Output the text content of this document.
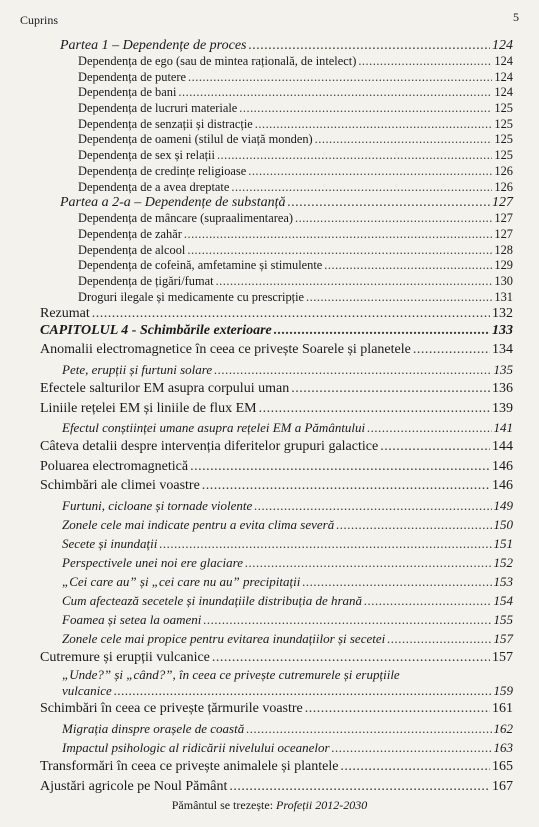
Cuprins	5
Partea 1 – Dependențe de proces .....	124
Dependența de ego (sau de mintea rațională, de intelect) .....	124
Dependența de putere .....	124
Dependența de bani .....	124
Dependența de lucruri materiale .....	125
Dependența de senzații și distracție .....	125
Dependența de oameni (stilul de viață monden) .....	125
Dependența de sex și relații .....	125
Dependența de credințe religioase .....	126
Dependența de a avea dreptate .....	126
Partea a 2-a – Dependențe de substanță .....	127
Dependența de mâncare (supraalimentarea) .....	127
Dependența de zahăr .....	127
Dependența de alcool .....	128
Dependența de cofeină, amfetamine și stimulente .....	129
Dependența de țigări/fumat .....	130
Droguri ilegale și medicamente cu prescripție .....	131
Rezumat .....	132
CAPITOLUL 4 - Schimbările exterioare .....	133
Anomalii electromagnetice în ceea ce privește Soarele și planetele .....	134
Pete, erupții și furtuni solare .....	135
Efectele salturilor EM asupra corpului uman .....	136
Liniile rețelei EM și liniile de flux EM .....	139
Efectul conștiinței umane asupra rețelei EM a Pământului .....	141
Câteva detalii despre intervenția diferitelor grupuri galactice .....	144
Poluarea electromagnetică .....	146
Schimbări ale climei voastre .....	146
Furtuni, cicloane și tornade violente .....	149
Zonele cele mai indicate pentru a evita clima severă .....	150
Secete și inundații .....	151
Perspectivele unei noi ere glaciare .....	152
„Cei care au” și „cei care nu au” precipitații .....	153
Cum afectează secetele și inundațiile distribuția de hrană .....	154
Foamea și setea la oameni .....	155
Zonele cele mai propice pentru evitarea inundațiilor și secetei .....	157
Cutremure și erupții vulcanice .....	157
„Unde?” și „când?”, în ceea ce privește cutremurele și erupțiile
vulcanice .....	159
Schimbări în ceea ce privește țărmurile voastre .....	161
Migrația dinspre orașele de coastă .....	162
Impactul psihologic al ridicării nivelului oceanelor .....	163
Transformări în ceea ce privește animalele și plantele .....	165
Ajustări agricole pe Noul Pământ .....	167
Pământul se trezește: Profeții 2012-2030
